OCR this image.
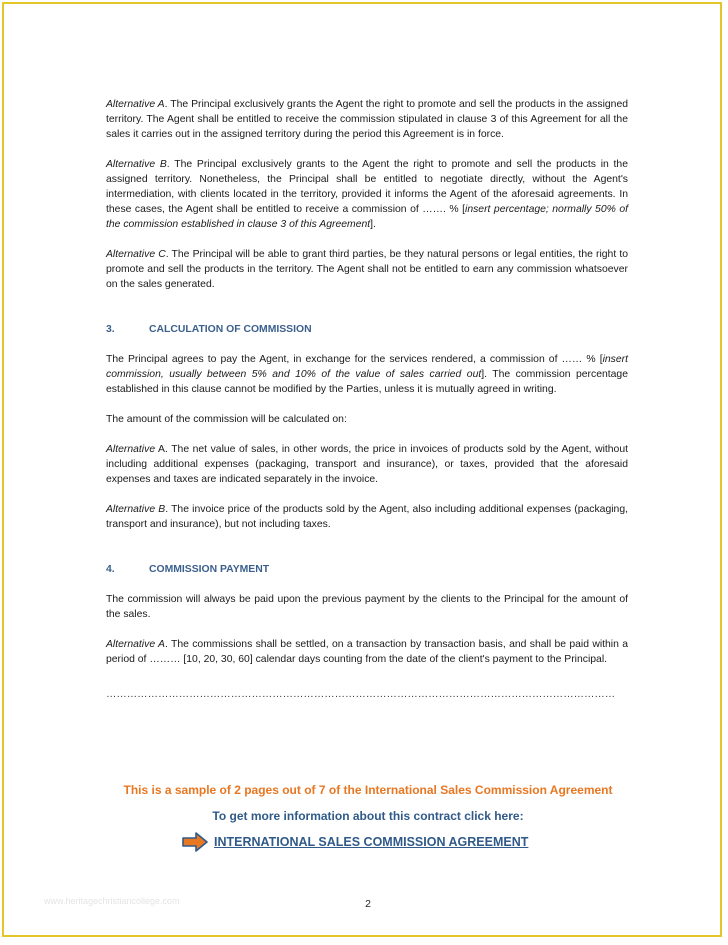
Alternative A. The Principal exclusively grants the Agent the right to promote and sell the products in the assigned territory. The Agent shall be entitled to receive the commission stipulated in clause 3 of this Agreement for all the sales it carries out in the assigned territory during the period this Agreement is in force.

Alternative B. The Principal exclusively grants to the Agent the right to promote and sell the products in the assigned territory. Nonetheless, the Principal shall be entitled to negotiate directly, without the Agent's intermediation, with clients located in the territory, provided it informs the Agent of the aforesaid agreements. In these cases, the Agent shall be entitled to receive a commission of ……. % [insert percentage; normally 50% of the commission established in clause 3 of this Agreement].

Alternative C. The Principal will be able to grant third parties, be they natural persons or legal entities, the right to promote and sell the products in the territory. The Agent shall not be entitled to earn any commission whatsoever on the sales generated.

3.	CALCULATION OF COMMISSION

The Principal agrees to pay the Agent, in exchange for the services rendered, a commission of …… % [insert commission, usually between 5% and 10% of the value of sales carried out]. The commission percentage established in this clause cannot be modified by the Parties, unless it is mutually agreed in writing.

The amount of the commission will be calculated on:

Alternative A. The net value of sales, in other words, the price in invoices of products sold by the Agent, without including additional expenses (packaging, transport and insurance), or taxes, provided that the aforesaid expenses and taxes are indicated separately in the invoice.

Alternative B. The invoice price of the products sold by the Agent, also including additional expenses (packaging, transport and insurance), but not including taxes.

4.	COMMISSION PAYMENT

The commission will always be paid upon the previous payment by the clients to the Principal for the amount of the sales.

Alternative A. The commissions shall be settled, on a transaction by transaction basis, and shall be paid within a period of ……… [10, 20, 30, 60] calendar days counting from the date of the client's payment to the Principal.

…………………………………………………………………………………………………………………………………
This is a sample of 2 pages out of 7 of the International Sales Commission Agreement
To get more information about this contract click here:
INTERNATIONAL SALES COMMISSION AGREEMENT
www.heritagechristiancollege.com	2
